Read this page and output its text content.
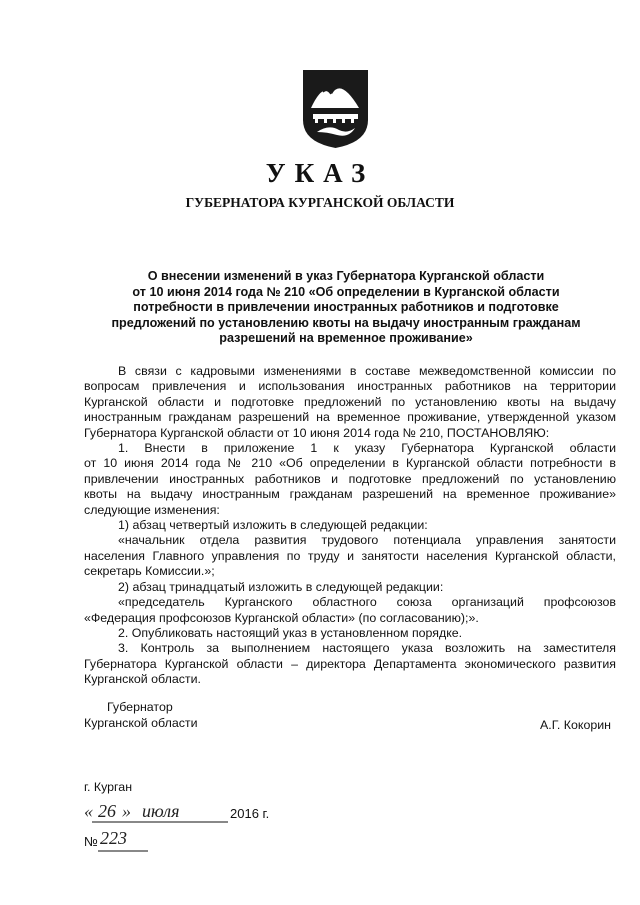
УКАЗ
ГУБЕРНАТОРА КУРГАНСКОЙ ОБЛАСТИ
О внесении изменений в указ Губернатора Курганской области
от 10 июня 2014 года № 210 «Об определении в Курганской области
потребности в привлечении иностранных работников и подготовке
предложений по установлению квоты на выдачу иностранным гражданам
разрешений на временное проживание»
В связи с кадровыми изменениями в составе межведомственной комиссии по
вопросам привлечения и использования иностранных работников на территории
Курганской области и подготовке предложений по установлению квоты на выдачу
иностранным гражданам разрешений на временное проживание, утвержденной указом
Губернатора Курганской области от 10 июня 2014 года № 210, ПОСТАНОВЛЯЮ:
1. Внести в приложение 1 к указу Губернатора Курганской области
от 10 июня 2014 года № 210 «Об определении в Курганской области потребности в
привлечении иностранных работников и подготовке предложений по установлению
квоты на выдачу иностранным гражданам разрешений на временное проживание»
следующие изменения:
1) абзац четвертый изложить в следующей редакции:
«начальник отдела развития трудового потенциала управления занятости
населения Главного управления по труду и занятости населения Курганской области,
секретарь Комиссии.»;
2) абзац тринадцатый изложить в следующей редакции:
«председатель Курганского областного союза организаций профсоюзов
«Федерация профсоюзов Курганской области» (по согласованию);».
2. Опубликовать настоящий указ в установленном порядке.
3. Контроль за выполнением настоящего указа возложить на заместителя
Губернатора Курганской области – директора Департамента экономического развития
Курганской области.
Губернатор
Курганской области	А.Г. Кокорин
г. Курган
« 26 » июля	2016 г.
№ 223
